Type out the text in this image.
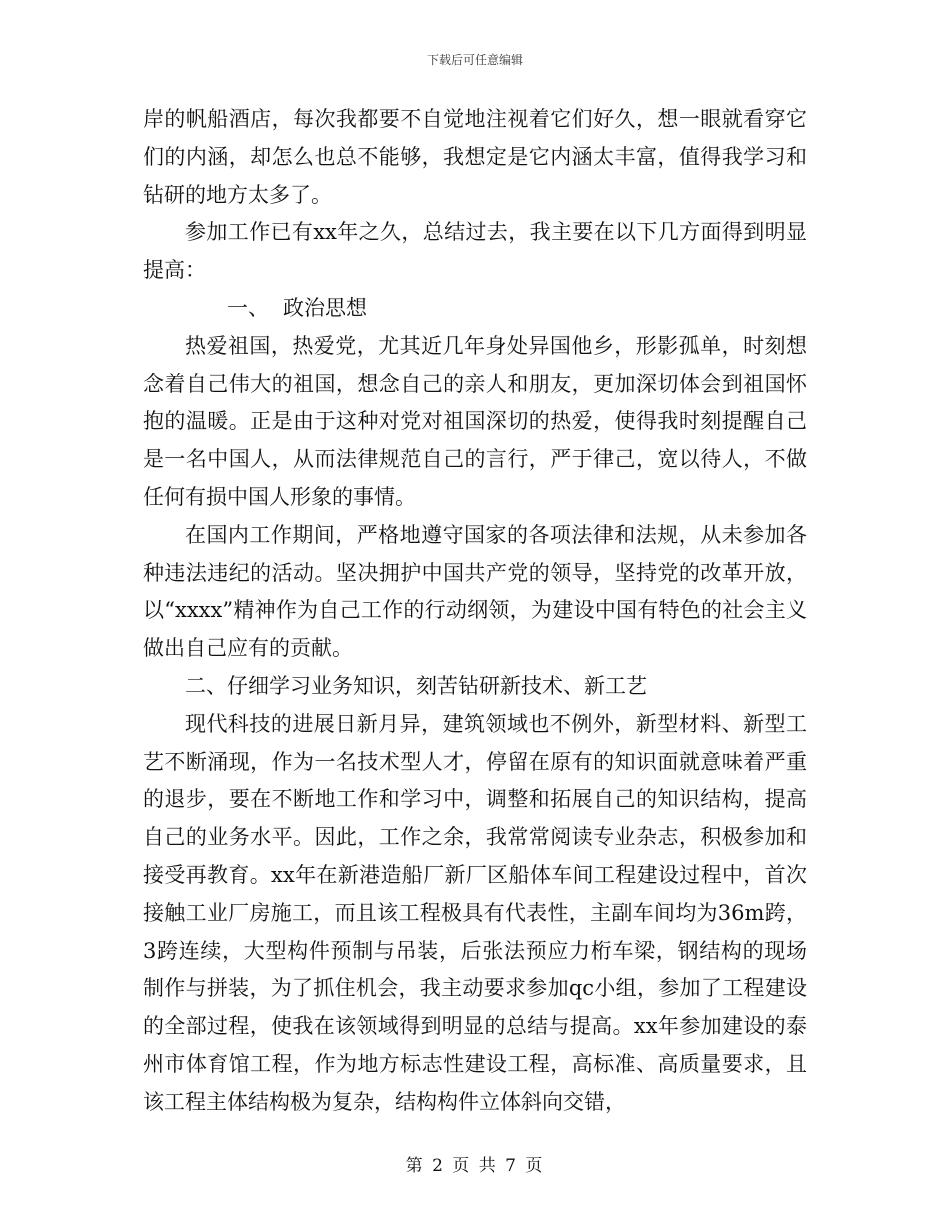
下载后可任意编辑

岸的帆船酒店，每次我都要不自觉地注视着它们好久，想一眼就看穿它们的内涵，却怎么也总不能够，我想定是它内涵太丰富，值得我学习和钻研的地方太多了。

参加工作已有xx年之久，总结过去，我主要在以下几方面得到明显提高：

一、 政治思想

热爱祖国，热爱党，尤其近几年身处异国他乡，形影孤单，时刻想念着自己伟大的祖国，想念自己的亲人和朋友，更加深切体会到祖国怀抱的温暖。正是由于这种对党对祖国深切的热爱，使得我时刻提醒自己是一名中国人，从而法律规范自己的言行，严于律己，宽以待人，不做任何有损中国人形象的事情。

在国内工作期间，严格地遵守国家的各项法律和法规，从未参加各种违法违纪的活动。坚决拥护中国共产党的领导，坚持党的改革开放，以“xxxx”精神作为自己工作的行动纲领，为建设中国有特色的社会主义做出自己应有的贡献。

二、仔细学习业务知识，刻苦钻研新技术、新工艺

现代科技的进展日新月异，建筑领域也不例外，新型材料、新型工艺不断涌现，作为一名技术型人才，停留在原有的知识面就意味着严重的退步，要在不断地工作和学习中，调整和拓展自己的知识结构，提高自己的业务水平。因此，工作之余，我常常阅读专业杂志，积极参加和接受再教育。xx年在新港造船厂新厂区船体车间工程建设过程中，首次接触工业厂房施工，而且该工程极具有代表性，主副车间均为36m跨，3跨连续，大型构件预制与吊装，后张法预应力桁车梁，钢结构的现场制作与拼装，为了抓住机会，我主动要求参加qc小组，参加了工程建设的全部过程，使我在该领域得到明显的总结与提高。xx年参加建设的泰州市体育馆工程，作为地方标志性建设工程，高标准、高质量要求，且该工程主体结构极为复杂，结构构件立体斜向交错，

第 2 页 共 7 页
